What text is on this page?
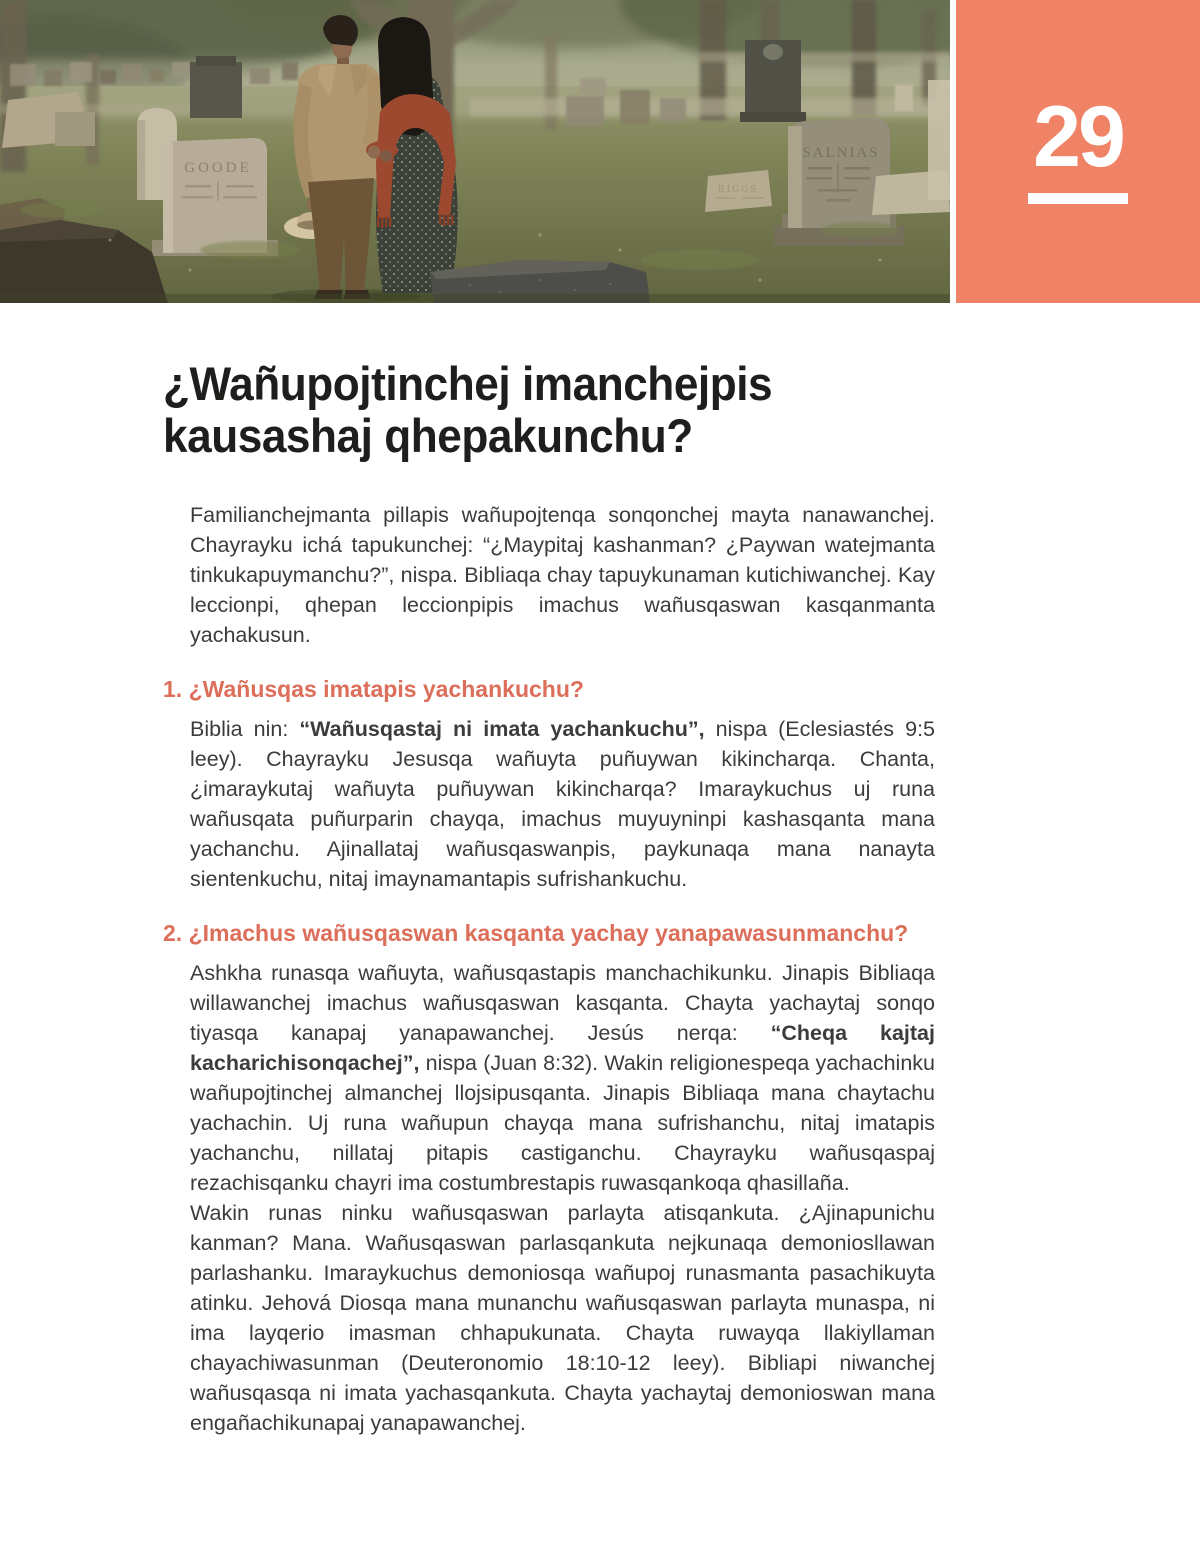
GOODE
SALNIAS
RIGGS
29
¿Wañupojtinchej imanchejpis
kausashaj qhepakunchu?

Familianchejmanta pillapis wañupojtenqa sonqonchej mayta nanawanchej. Chayrayku ichá tapukunchej: “¿Maypitaj kashanman? ¿Paywan watejmanta tinkukapuymanchu?”, nispa. Bibliaqa chay tapuykunaman kutichiwanchej. Kay leccionpi, qhepan leccionpipis imachus wañusqaswan kasqanmanta yachakusun.

1. ¿Wañusqas imatapis yachankuchu?

Biblia nin: “Wañusqastaj ni imata yachankuchu”, nispa (Eclesiastés 9:5 leey). Chayrayku Jesusqa wañuyta puñuywan kikincharqa. Chanta, ¿imaraykutaj wañuyta puñuywan kikincharqa? Imaraykuchus uj runa wañusqata puñurparin chayqa, imachus muyuyninpi kashasqanta mana yachanchu. Ajinallataj wañusqaswanpis, paykunaqa mana nanayta sientenkuchu, nitaj imaynamantapis sufrishankuchu.

2. ¿Imachus wañusqaswan kasqanta yachay yanapawasunmanchu?

Ashkha runasqa wañuyta, wañusqastapis manchachikunku. Jinapis Bibliaqa willawanchej imachus wañusqaswan kasqanta. Chayta yachaytaj sonqo tiyasqa kanapaj yanapawanchej. Jesús nerqa: “Cheqa kajtaj kacharichisonqachej”, nispa (Juan 8:32). Wakin religionespeqa yachachinku wañupojtinchej almanchej llojsipusqanta. Jinapis Bibliaqa mana chaytachu yachachin. Uj runa wañupun chayqa mana sufrishanchu, nitaj imatapis yachanchu, nillataj pitapis castiganchu. Chayrayku wañusqaspaj rezachisqanku chayri ima costumbrestapis ruwasqankoqa qhasillaña.

Wakin runas ninku wañusqaswan parlayta atisqankuta. ¿Ajinapunichu kanman? Mana. Wañusqaswan parlasqankuta nejkunaqa demoniosllawan parlashanku. Imaraykuchus demoniosqa wañupoj runasmanta pasachikuyta atinku. Jehová Diosqa mana munanchu wañusqaswan parlayta munaspa, ni ima layqerio imasman chhapukunata. Chayta ruwayqa llakiyllaman chayachiwasunman (Deuteronomio 18:10-12 leey). Bibliapi niwanchej wañusqasqa ni imata yachasqankuta. Chayta yachaytaj demonioswan mana engañachikunapaj yanapawanchej.
